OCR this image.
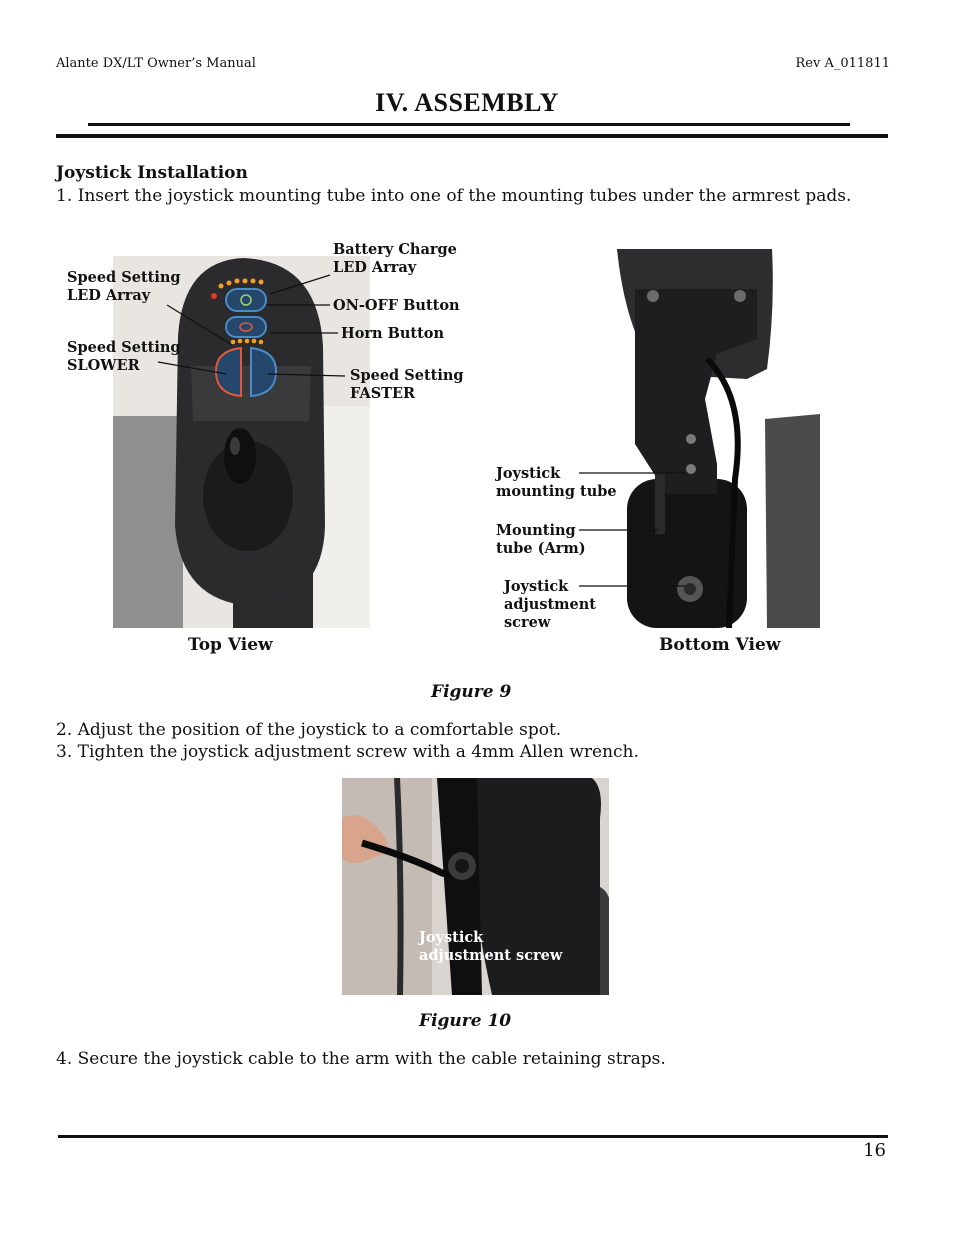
Alante DX/LT Owner’s Manual	Rev A_011811
IV. ASSEMBLY
Joystick Installation
1. Insert the joystick mounting tube into one of the mounting tubes under the armrest pads.
Speed Setting
LED Array
Battery Charge
LED Array
ON-OFF Button
Horn Button
Speed Setting
SLOWER
Speed Setting
FASTER
Joystick
mounting tube
Mounting
tube (Arm)
Joystick
adjustment
screw
Top View	Bottom View
Figure 9
2. Adjust the position of the joystick to a comfortable spot.
3. Tighten the joystick adjustment screw with a 4mm Allen wrench.
Joystick
adjustment screw
Figure 10
4. Secure the joystick cable to the arm with the cable retaining straps.
16
